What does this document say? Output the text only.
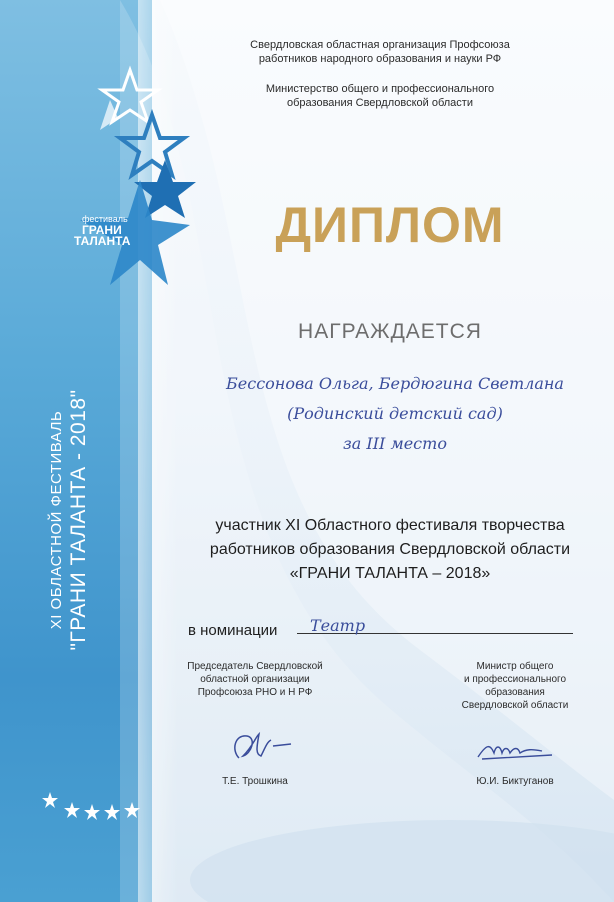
фестиваль
ГРАНИ
ТАЛАНТА
XI ОБЛАСТНОЙ ФЕСТИВАЛЬ "ГРАНИ ТАЛАНТА - 2018"
Свердловская областная организация Профсоюза
работников народного образования и науки РФ
Министерство общего и профессионального
образования Свердловской области
ДИПЛОМ
НАГРАЖДАЕТСЯ
Бессонова Ольга, Бердюгина Светлана
(Родинский детский сад)
за III место
участник XI Областного фестиваля творчества
работников образования Свердловской области
«ГРАНИ ТАЛАНТА – 2018»
в номинации Театр
Председатель Свердловской
областной организации
Профсоюза РНО и Н РФ
Т.Е. Трошкина
Министр общего
и профессионального
образования
Свердловской области
Ю.И. Биктуганов
